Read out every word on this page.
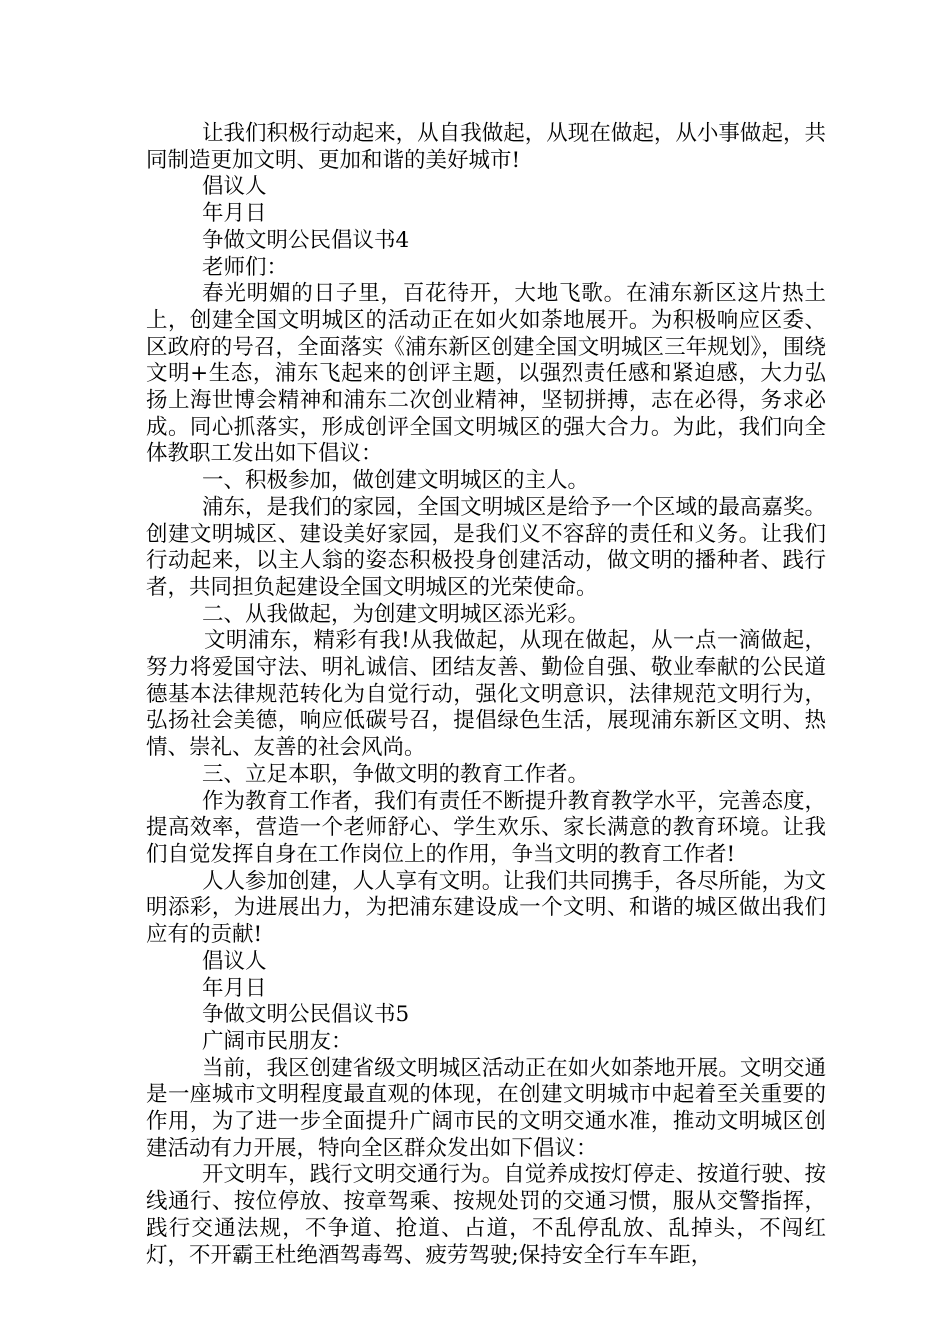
让我们积极行动起来，从自我做起，从现在做起，从小事做起，共同制造更加文明、更加和谐的美好城市!

倡议人

年月日

争做文明公民倡议书4

老师们：

春光明媚的日子里，百花待开，大地飞歌。在浦东新区这片热土上，创建全国文明城区的活动正在如火如荼地展开。为积极响应区委、区政府的号召，全面落实《浦东新区创建全国文明城区三年规划》，围绕文明+生态，浦东飞起来的创评主题，以强烈责任感和紧迫感，大力弘扬上海世博会精神和浦东二次创业精神，坚韧拼搏，志在必得，务求必成。同心抓落实，形成创评全国文明城区的强大合力。为此，我们向全体教职工发出如下倡议：

一、积极参加，做创建文明城区的主人。

浦东，是我们的家园，全国文明城区是给予一个区域的最高嘉奖。创建文明城区、建设美好家园，是我们义不容辞的责任和义务。让我们行动起来，以主人翁的姿态积极投身创建活动，做文明的播种者、践行者，共同担负起建设全国文明城区的光荣使命。

二、从我做起，为创建文明城区添光彩。

文明浦东，精彩有我!从我做起，从现在做起，从一点一滴做起，努力将爱国守法、明礼诚信、团结友善、勤俭自强、敬业奉献的公民道德基本法律规范转化为自觉行动，强化文明意识，法律规范文明行为，弘扬社会美德，响应低碳号召，提倡绿色生活，展现浦东新区文明、热情、崇礼、友善的社会风尚。

三、立足本职，争做文明的教育工作者。

作为教育工作者，我们有责任不断提升教育教学水平，完善态度，提高效率，营造一个老师舒心、学生欢乐、家长满意的教育环境。让我们自觉发挥自身在工作岗位上的作用，争当文明的教育工作者!

人人参加创建，人人享有文明。让我们共同携手，各尽所能，为文明添彩，为进展出力，为把浦东建设成一个文明、和谐的城区做出我们应有的贡献!

倡议人

年月日

争做文明公民倡议书5

广阔市民朋友：

当前，我区创建省级文明城区活动正在如火如荼地开展。文明交通是一座城市文明程度最直观的体现，在创建文明城市中起着至关重要的作用，为了进一步全面提升广阔市民的文明交通水准，推动文明城区创建活动有力开展，特向全区群众发出如下倡议：

开文明车，践行文明交通行为。自觉养成按灯停走、按道行驶、按线通行、按位停放、按章驾乘、按规处罚的交通习惯，服从交警指挥，践行交通法规，不争道、抢道、占道，不乱停乱放、乱掉头，不闯红灯，不开霸王杜绝酒驾毒驾、疲劳驾驶;保持安全行车车距，
